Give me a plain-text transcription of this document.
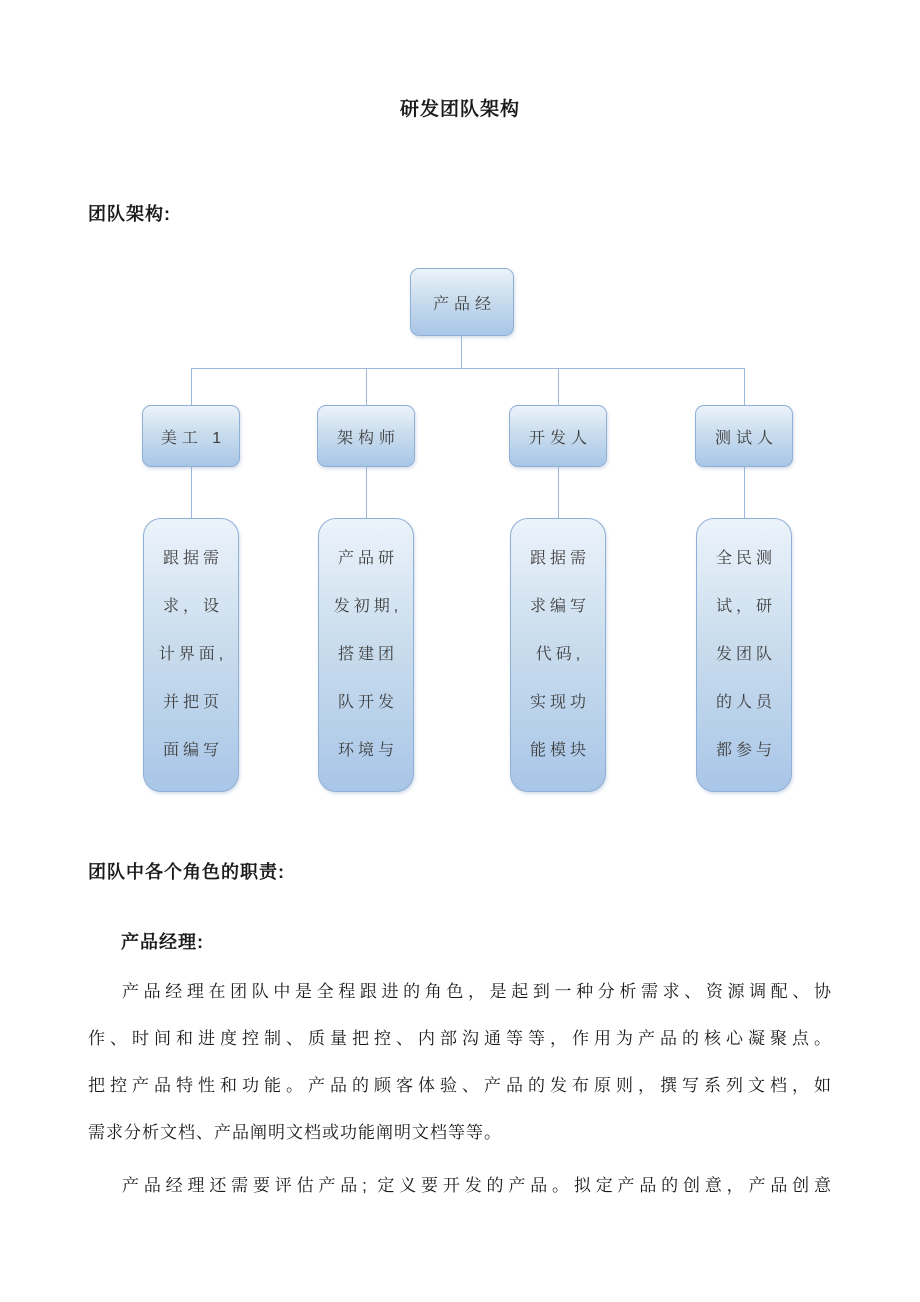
研发团队架构
团队架构:
产品经
美工 1	架构师	开发人	测试人
跟据需
求，设
计界面,
并把页
面编写
产品研
发初期,
搭建团
队开发
环境与
跟据需
求编写
代码,
实现功
能模块
全民测
试，研
发团队
的人员
都参与
团队中各个角色的职责:
产品经理:
产品经理在团队中是全程跟进的角色，是起到一种分析需求、资源调配、协
作、时间和进度控制、质量把控、内部沟通等等，作用为产品的核心凝聚点。
把控产品特性和功能。产品的顾客体验、产品的发布原则，撰写系列文档，如
需求分析文档、产品阐明文档或功能阐明文档等等。
产品经理还需要评估产品; 定义要开发的产品。拟定产品的创意，产品创意
